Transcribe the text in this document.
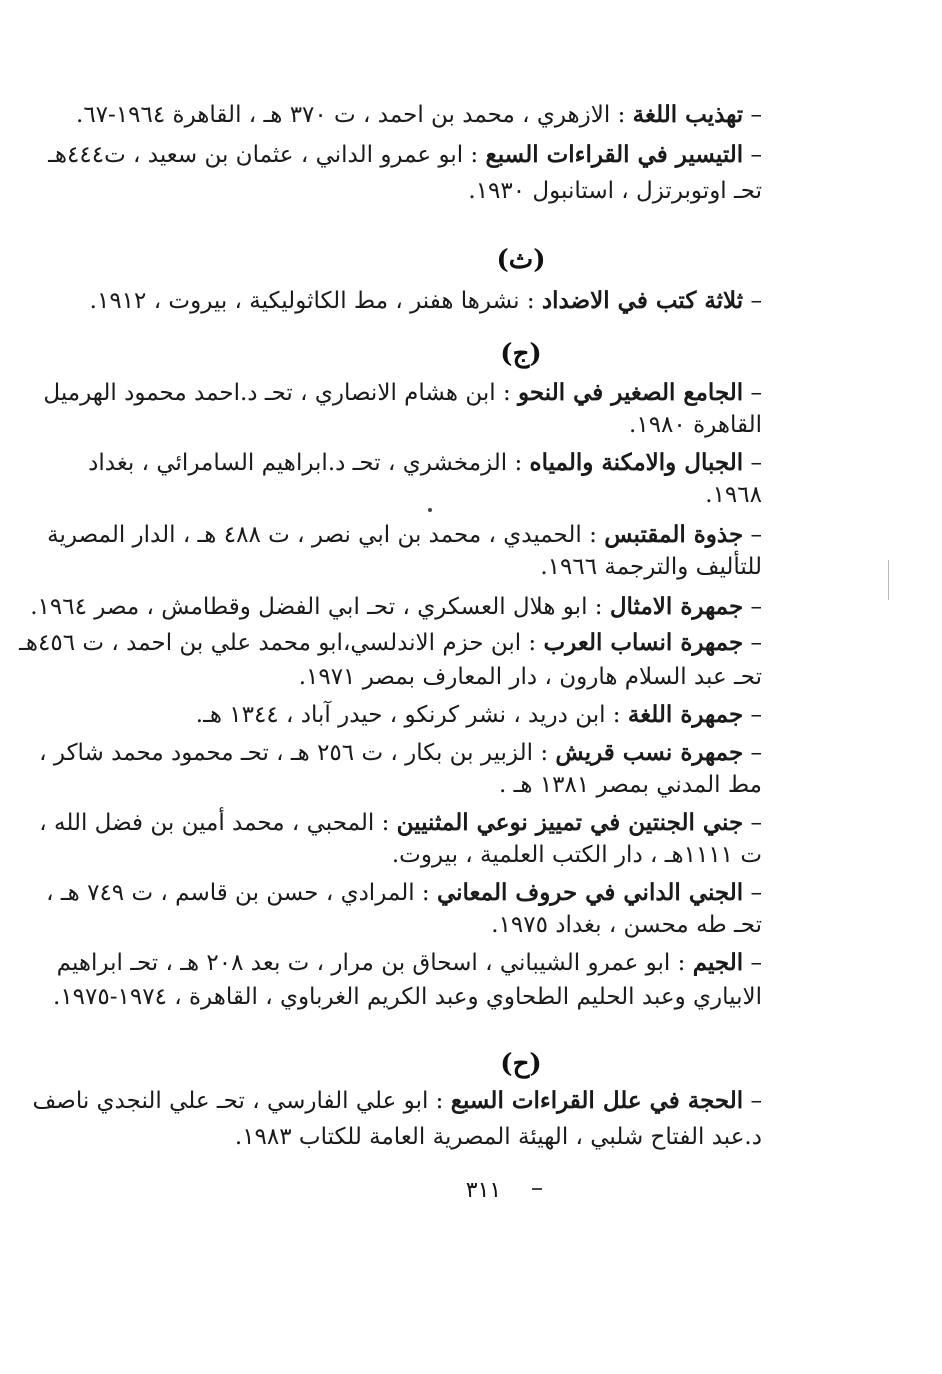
– تهذيب اللغة : الازهري ، محمد بن احمد ، ت ٣٧٠ هـ ، القاهرة ١٩٦٤-٦٧.
– التيسير في القراءات السبع : ابو عمرو الداني ، عثمان بن سعيد ، ت٤٤٤هـ
تحـ اوتوبرتزل ، استانبول ١٩٣٠.
(ث)
– ثلاثة كتب في الاضداد : نشرها هفنر ، مط الكاثوليكية ، بيروت ، ١٩١٢.
(ج)
– الجامع الصغير في النحو : ابن هشام الانصاري ، تحـ د.احمد محمود الهرميل
القاهرة ١٩٨٠.
– الجبال والامكنة والمياه : الزمخشري ، تحـ د.ابراهيم السامرائي ، بغداد
١٩٦٨.
– جذوة المقتبس : الحميدي ، محمد بن ابي نصر ، ت ٤٨٨ هـ ، الدار المصرية
للتأليف والترجمة ١٩٦٦.
– جمهرة الامثال : ابو هلال العسكري ، تحـ ابي الفضل وقطامش ، مصر ١٩٦٤.
– جمهرة انساب العرب : ابن حزم الاندلسي،ابو محمد علي بن احمد ، ت ٤٥٦هـ
تحـ عبد السلام هارون ، دار المعارف بمصر ١٩٧١.
– جمهرة اللغة : ابن دريد ، نشر كرنكو ، حيدر آباد ، ١٣٤٤ هـ.
– جمهرة نسب قريش : الزبير بن بكار ، ت ٢٥٦ هـ ، تحـ محمود محمد شاكر ،
مط المدني بمصر ١٣٨١ هـ .
– جني الجنتين في تمييز نوعي المثنيين : المحبي ، محمد أمين بن فضل الله ،
ت ١١١١هـ ، دار الكتب العلمية ، بيروت.
– الجني الداني في حروف المعاني : المرادي ، حسن بن قاسم ، ت ٧٤٩ هـ ،
تحـ طه محسن ، بغداد ١٩٧٥.
– الجيم : ابو عمرو الشيباني ، اسحاق بن مرار ، ت بعد ٢٠٨ هـ ، تحـ ابراهيم
الابياري وعبد الحليم الطحاوي وعبد الكريم الغرباوي ، القاهرة ، ١٩٧٤-١٩٧٥.
(ح)
– الحجة في علل القراءات السبع : ابو علي الفارسي ، تحـ علي النجدي ناصف
د.عبد الفتاح شلبي ، الهيئة المصرية العامة للكتاب ١٩٨٣.
٣١١
